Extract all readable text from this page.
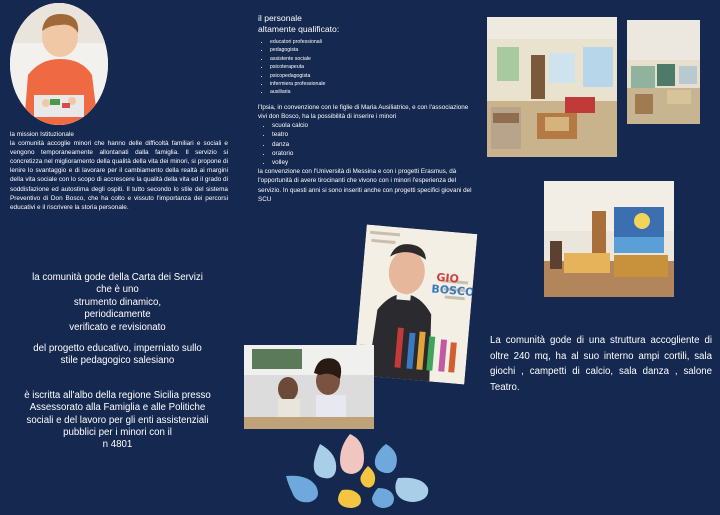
la mission Istituzionale

la comunità accoglie minori che hanno delle difficoltà familiari e sociali e vengono temporaneamente allontanati dalla famiglia. Il servizio si concretizza nel miglioramento della qualità della vita dei minori, si propone di lenire lo svantaggio e di lavorare per il cambiamento della realtà ai margini della vita sociale con lo scopo di accrescere la qualità della vita ed il grado di soddisfazione ed autostima degli ospiti. Il tutto secondo lo stile del sistema Preventivo di Don Bosco, che ha colto e vissuto l'importanza dei percorsi educativi e il riscrivere la storia personale.

il personale
altamente qualificato:
• educatori professionali
• pedagogista
• assistente sociale
• psicoterapeuta
• psicopedagogista
• infermiera professionale
• ausiliaria
l'Ipsia, in convenzione con le figlie di Maria Ausiliatrice, e con l'associazione vivi don Bosco, ha la possibilità di inserire i minori
• scuola calcio
• teatro
• danza
• oratorio
• volley
la convenzione con l'Università di Messina e con i progetti Erasmus, dà l'opportunità di avere tirocinanti che vivono con i minori l'esperienza del servizio. In questi anni si sono inseriti anche con progetti specifici giovani del SCU
GIO
BOSCO

la comunità gode della Carta dei Servizi

che è uno

strumento dinamico,

periodicamente

verificato e revisionato

del progetto educativo, imperniato sullo

stile pedagogico salesiano

è iscritta all'albo della regione Sicilia presso

Assessorato alla Famiglia e alle Politiche

sociali e del lavoro per gli enti assistenziali

pubblici per i minori con il

n 4801

La comunità gode di una struttura accogliente di oltre 240 mq, ha al suo interno ampi cortili, sala giochi , campetti di calcio, sala danza , salone Teatro.
